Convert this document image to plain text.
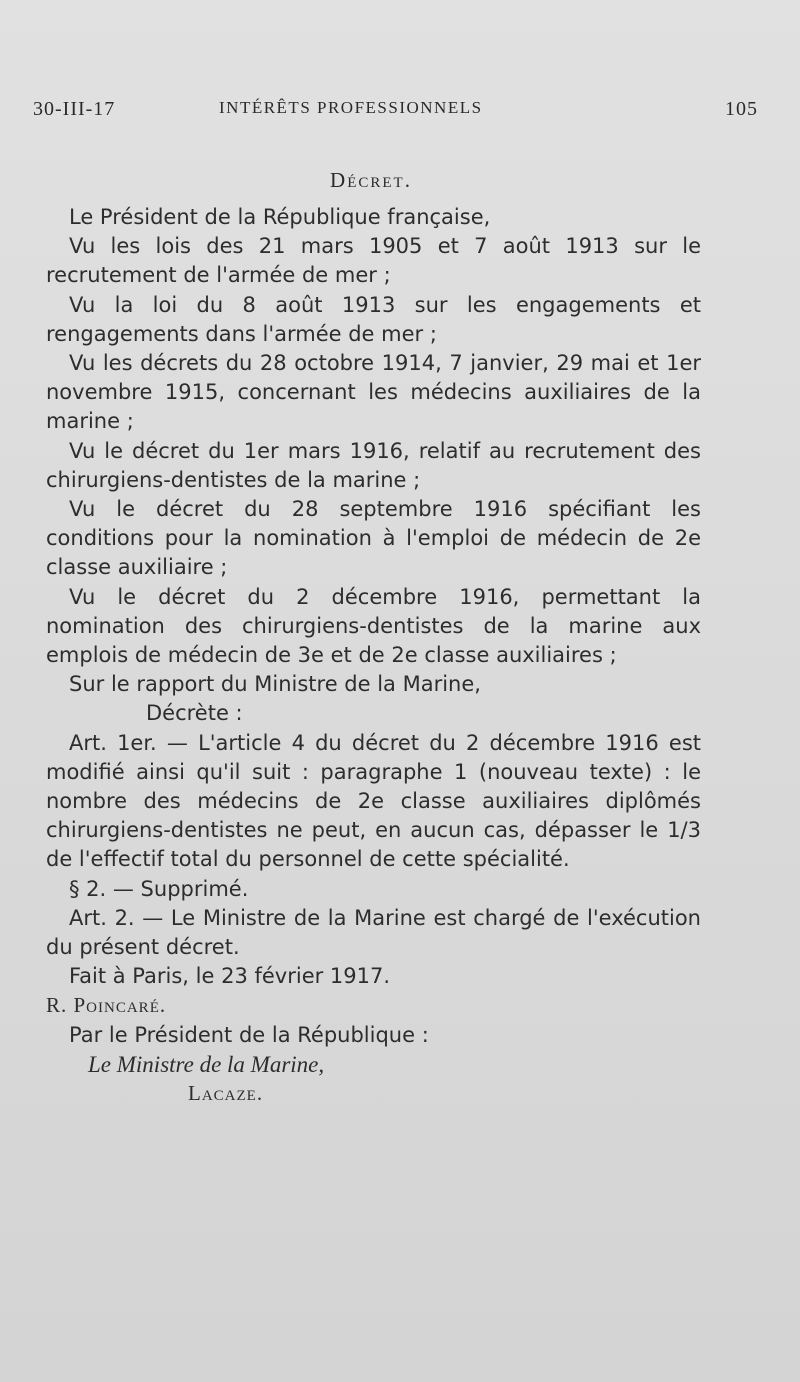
30-III-17	INTÉRÊTS PROFESSIONNELS	105
Décret.

Le Président de la République française,

Vu les lois des 21 mars 1905 et 7 août 1913 sur le recrutement de l'armée de mer ;

Vu la loi du 8 août 1913 sur les engagements et rengagements dans l'armée de mer ;

Vu les décrets du 28 octobre 1914, 7 janvier, 29 mai et 1er novembre 1915, concernant les médecins auxiliaires de la marine ;

Vu le décret du 1er mars 1916, relatif au recrutement des chirurgiens-dentistes de la marine ;

Vu le décret du 28 septembre 1916 spécifiant les conditions pour la nomination à l'emploi de médecin de 2e classe auxiliaire ;

Vu le décret du 2 décembre 1916, permettant la nomination des chirurgiens-dentistes de la marine aux emplois de médecin de 3e et de 2e classe auxiliaires ;

Sur le rapport du Ministre de la Marine,

Décrète :

Art. 1er. — L'article 4 du décret du 2 décembre 1916 est modifié ainsi qu'il suit : paragraphe 1 (nouveau texte) : le nombre des médecins de 2e classe auxiliaires diplômés chirurgiens-dentistes ne peut, en aucun cas, dépasser le 1/3 de l'effectif total du personnel de cette spécialité.

§ 2. — Supprimé.

Art. 2. — Le Ministre de la Marine est chargé de l'exécution du présent décret.

Fait à Paris, le 23 février 1917.

R. Poincaré.

Par le Président de la République :

Le Ministre de la Marine,

Lacaze.
